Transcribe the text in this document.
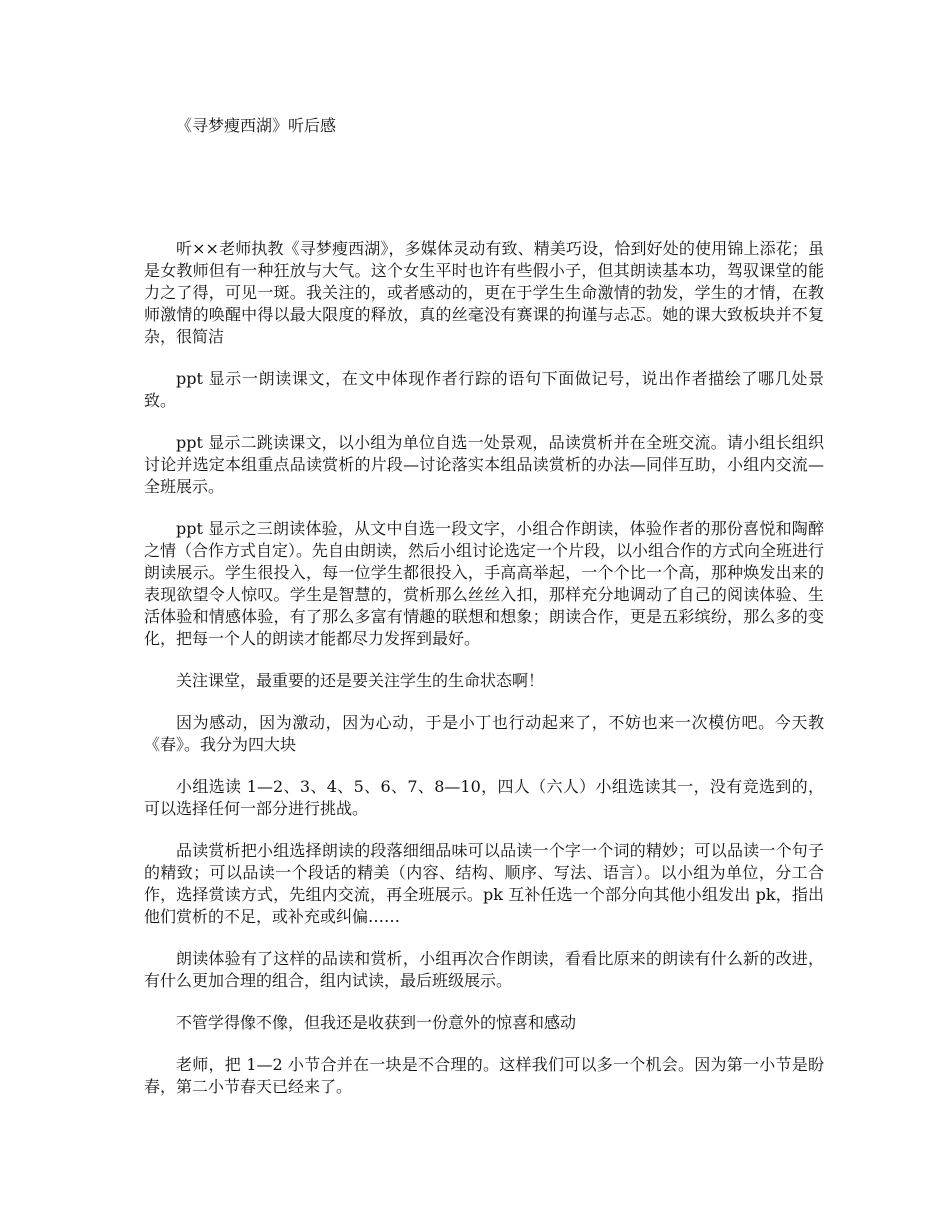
《寻梦瘦西湖》听后感

听××老师执教《寻梦瘦西湖》，多媒体灵动有致、精美巧设，恰到好处的使用锦上添花；虽是女教师但有一种狂放与大气。这个女生平时也许有些假小子，但其朗读基本功，驾驭课堂的能力之了得，可见一斑。我关注的，或者感动的，更在于学生生命激情的勃发，学生的才情，在教师激情的唤醒中得以最大限度的释放，真的丝毫没有赛课的拘谨与忐忑。她的课大致板块并不复杂，很简洁

ppt 显示一朗读课文，在文中体现作者行踪的语句下面做记号，说出作者描绘了哪几处景致。

ppt 显示二跳读课文，以小组为单位自选一处景观，品读赏析并在全班交流。请小组长组织讨论并选定本组重点品读赏析的片段—讨论落实本组品读赏析的办法—同伴互助，小组内交流—全班展示。

ppt 显示之三朗读体验，从文中自选一段文字，小组合作朗读，体验作者的那份喜悦和陶醉之情（合作方式自定）。先自由朗读，然后小组讨论选定一个片段，以小组合作的方式向全班进行朗读展示。学生很投入，每一位学生都很投入，手高高举起，一个个比一个高，那种焕发出来的表现欲望令人惊叹。学生是智慧的，赏析那么丝丝入扣，那样充分地调动了自己的阅读体验、生活体验和情感体验，有了那么多富有情趣的联想和想象；朗读合作，更是五彩缤纷，那么多的变化，把每一个人的朗读才能都尽力发挥到最好。

关注课堂，最重要的还是要关注学生的生命状态啊！

因为感动，因为激动，因为心动，于是小丁也行动起来了，不妨也来一次模仿吧。今天教《春》。我分为四大块

小组选读 1—2、3、4、5、6、7、8—10，四人（六人）小组选读其一，没有竞选到的，可以选择任何一部分进行挑战。

品读赏析把小组选择朗读的段落细细品味可以品读一个字一个词的精妙；可以品读一个句子的精致；可以品读一个段话的精美（内容、结构、顺序、写法、语言）。以小组为单位，分工合作，选择赏读方式，先组内交流，再全班展示。pk 互补任选一个部分向其他小组发出 pk，指出他们赏析的不足，或补充或纠偏……

朗读体验有了这样的品读和赏析，小组再次合作朗读，看看比原来的朗读有什么新的改进，有什么更加合理的组合，组内试读，最后班级展示。

不管学得像不像，但我还是收获到一份意外的惊喜和感动

老师，把 1—2 小节合并在一块是不合理的。这样我们可以多一个机会。因为第一小节是盼春，第二小节春天已经来了。
